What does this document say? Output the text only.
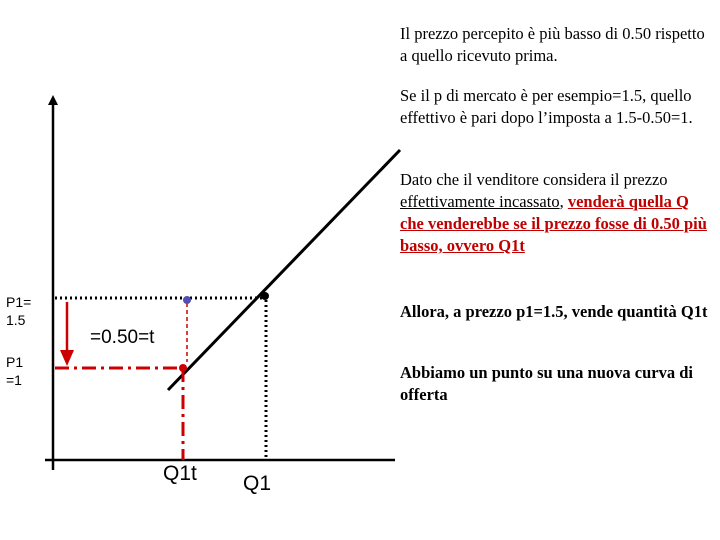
Il prezzo percepito è più basso di 0.50 rispetto a quello ricevuto prima.

Se il p di mercato è per esempio=1.5, quello effettivo è pari dopo l’imposta a 1.5-0.50=1.

Dato che il venditore considera il prezzo effettivamente incassato, venderà quella Q che venderebbe se il prezzo fosse di 0.50 più basso, ovvero Q1t

Allora, a prezzo p1=1.5, vende quantità Q1t

Abbiamo un punto su una nuova curva di offerta

P1=
1.5
P1
=1
=0.50=t
Q1t Q1
